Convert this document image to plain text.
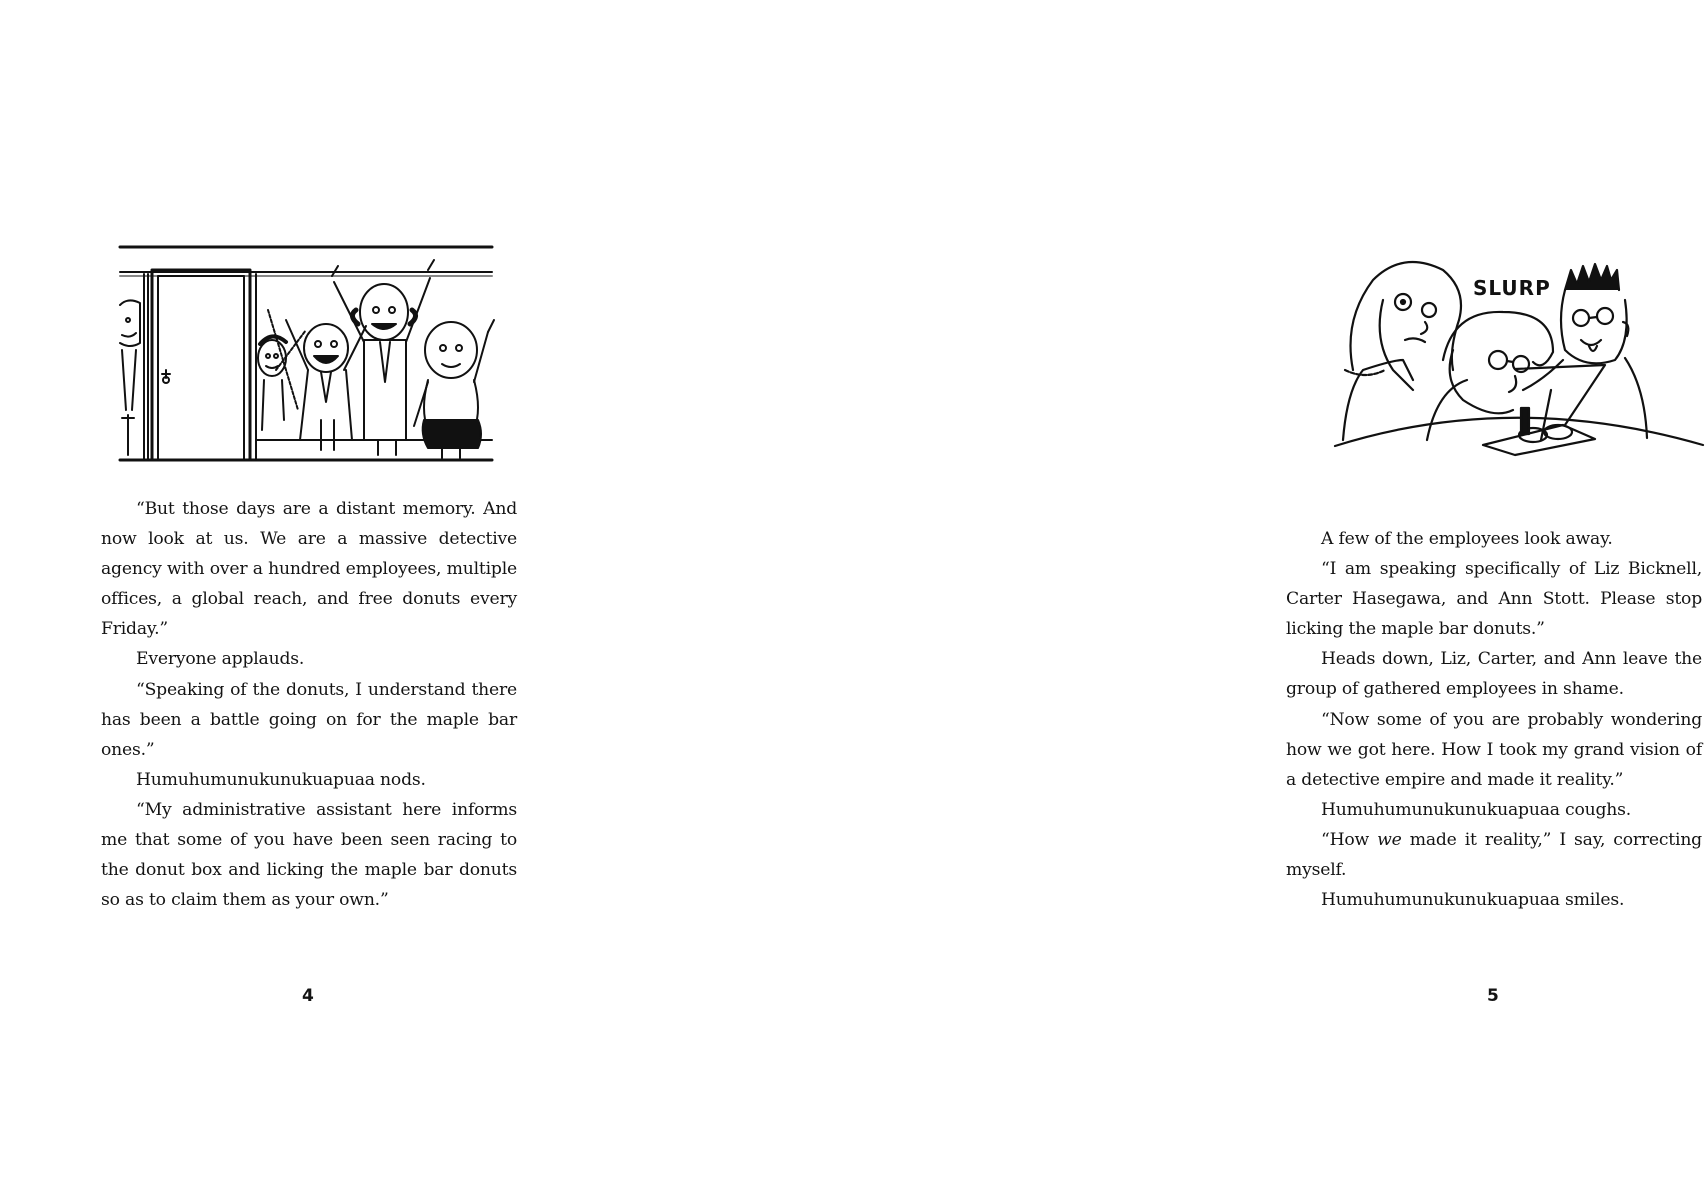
“But those days are a distant memory. And now look at us. We are a massive detective agency with over a hundred employees, multiple offices, a global reach, and free donuts every Friday.”

Everyone applauds.

“Speaking of the donuts, I understand there has been a battle going on for the maple bar ones.”

Humuhumunukunukuapuaa nods.

“My administrative assistant here informs me that some of you have been seen racing to the donut box and licking the maple bar donuts so as to claim them as your own.”

4
SLURP

A few of the employees look away.

“I am speaking specifically of Liz Bicknell, Carter Hasegawa, and Ann Stott. Please stop licking the maple bar donuts.”

Heads down, Liz, Carter, and Ann leave the group of gathered employees in shame.

“Now some of you are probably wondering how we got here. How I took my grand vision of a detective empire and made it reality.”

Humuhumunukunukuapuaa coughs.

“How we made it reality,” I say, correcting myself.

Humuhumunukunukuapuaa smiles.

5
